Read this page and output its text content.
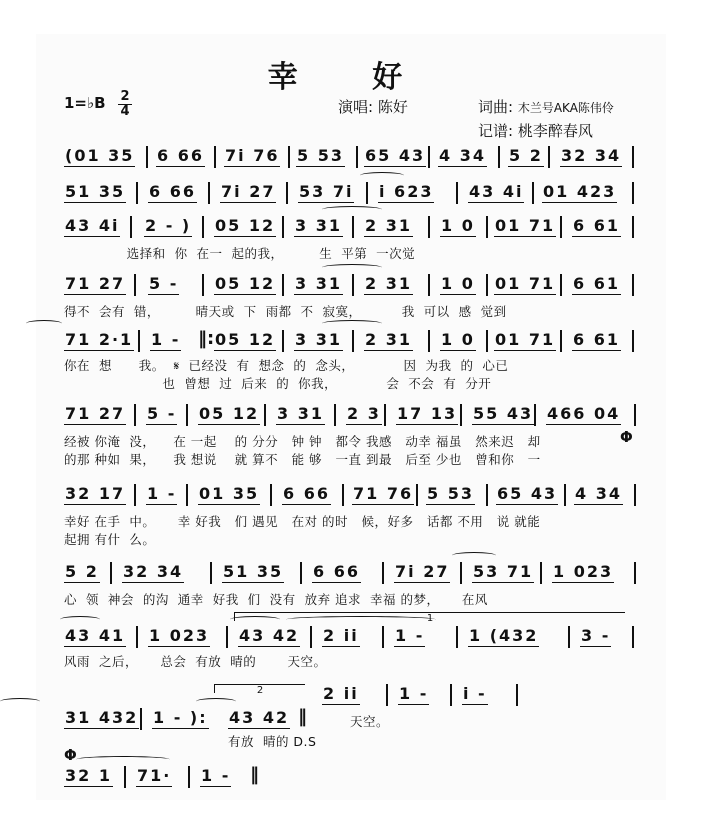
幸 好
1=♭B 2
4	演唱: 陈好	词曲: 木兰号AKA陈伟伶
记谱: 桃李醉春风
(01 35 6 66 7i 76 5 53 65 43 4 34 5 2 32 34
51 35 6 66 7i 27 53 7i i 623 43 4i 01 423
43 4i 2 - ) 05 12 3 31 2 31 1 0 01 71 6 61
选择和  你  在一  起的我，        生  平第  一次觉
71 27 5 - 05 12 3 31 2 31 1 0 01 71 6 61
得不  会有  错，        晴天或  下  雨都  不  寂寞，         我  可以  感  觉到
71 2·1 1 - ‖: 05 12 3 31 2 31 1 0 01 71 6 61
你在  想      我。  𝄋  已经没  有  想念  的  念头，           因  为我  的  心已
也  曾想  过  后来  的  你我，           会  不会  有  分开
71 27 5 - 05 12 3 31 2 3 17 13 55 43 466 04
Φ
经被 你淹  没，    在 一起    的 分分   钟 钟   都令 我感   动幸 福虽   然来迟   却
的那 种如  果，    我 想说    就 算不   能 够   一直 到最   后至 少也   曾和你   一
32 17 1 - 01 35 6 66 71 76 5 53 65 43 4 34
幸好 在手  中。     幸 好我   们 遇见   在对 的时   候，好多   话都 不用   说 就能
起拥 有什  么。
5 2 32 34 51 35 6 66 7i 27 53 71 1 023
心  领  神会  的沟  通幸  好我  们  没有  放弃 追求  幸福 的梦，     在风
1
43 41 1 023 43 42 2 ii 1 -	1 (432	3 -
风雨  之后，     总会  有放  晴的       天空。
2	2 ii	1 - i -
31 432 1 - ): 43 42 ‖	天空。
有放  晴的 D.S
Φ
32 1 71· 1 - ‖
